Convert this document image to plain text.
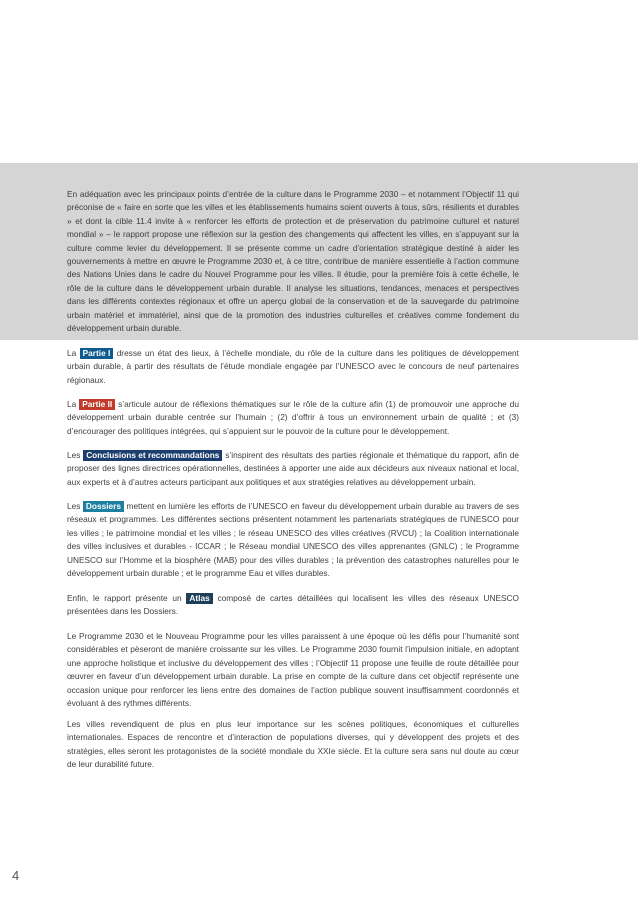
En adéquation avec les principaux points d’entrée de la culture dans le Programme 2030 – et notamment l’Objectif 11 qui préconise de « faire en sorte que les villes et les établissements humains soient ouverts à tous, sûrs, résilients et durables » et dont la cible 11.4 invite à « renforcer les efforts de protection et de préservation du patrimoine culturel et naturel mondial » – le rapport propose une réflexion sur la gestion des changements qui affectent les villes, en s’appuyant sur la culture comme levier du développement. Il se présente comme un cadre d’orientation stratégique destiné à aider les gouvernements à mettre en œuvre le Programme 2030 et, à ce titre, contribue de manière essentielle à l’action commune des Nations Unies dans le cadre du Nouvel Programme pour les villes. Il étudie, pour la première fois à cette échelle, le rôle de la culture dans le développement urbain durable. Il analyse les situations, tendances, menaces et perspectives dans les différents contextes régionaux et offre un aperçu global de la conservation et de la sauvegarde du patrimoine urbain matériel et immatériel, ainsi que de la promotion des industries culturelles et créatives comme fondement du développement urbain durable.
La Partie I dresse un état des lieux, à l’échelle mondiale, du rôle de la culture dans les politiques de développement urbain durable, à partir des résultats de l’étude mondiale engagée par l’UNESCO avec le concours de neuf partenaires régionaux.
La Partie II s’articule autour de réflexions thématiques sur le rôle de la culture afin (1) de promouvoir une approche du développement urbain durable centrée sur l’humain ; (2) d’offrir à tous un environnement urbain de qualité ; et (3) d’encourager des politiques intégrées, qui s’appuient sur le pouvoir de la culture pour le développement.
Les Conclusions et recommandations s’inspirent des résultats des parties régionale et thématique du rapport, afin de proposer des lignes directrices opérationnelles, destinées à apporter une aide aux décideurs aux niveaux national et local, aux experts et à d’autres acteurs participant aux politiques et aux stratégies relatives au développement urbain.
Les Dossiers mettent en lumière les efforts de l’UNESCO en faveur du développement urbain durable au travers de ses réseaux et programmes. Les différentes sections présentent notamment les partenariats stratégiques de l’UNESCO pour les villes ; le patrimoine mondial et les villes ; le réseau UNESCO des villes créatives (RVCU) ; la Coalition internationale des villes inclusives et durables - ICCAR ; le Réseau mondial UNESCO des villes apprenantes (GNLC) ; le Programme UNESCO sur l’Homme et la biosphère (MAB) pour des villes durables ; la prévention des catastrophes naturelles pour le développement urbain durable ; et le programme Eau et villes durables.
Enfin, le rapport présente un Atlas composé de cartes détaillées qui localisent les villes des réseaux UNESCO présentées dans les Dossiers.
Le Programme 2030 et le Nouveau Programme pour les villes paraissent à une époque où les défis pour l’humanité sont considérables et pèseront de manière croissante sur les villes. Le Programme 2030 fournit l’impulsion initiale, en adoptant une approche holistique et inclusive du développement des villes ; l’Objectif 11 propose une feuille de route détaillée pour œuvrer en faveur d’un développement urbain durable. La prise en compte de la culture dans cet objectif représente une occasion unique pour renforcer les liens entre des domaines de l’action publique souvent insuffisamment coordonnés et évoluant à des rythmes différents.
Les villes revendiquent de plus en plus leur importance sur les scènes politiques, économiques et culturelles internationales. Espaces de rencontre et d’interaction de populations diverses, qui y développent des projets et des stratégies, elles seront les protagonistes de la société mondiale du XXIe siècle. Et la culture sera sans nul doute au cœur de leur durabilité future.
4
